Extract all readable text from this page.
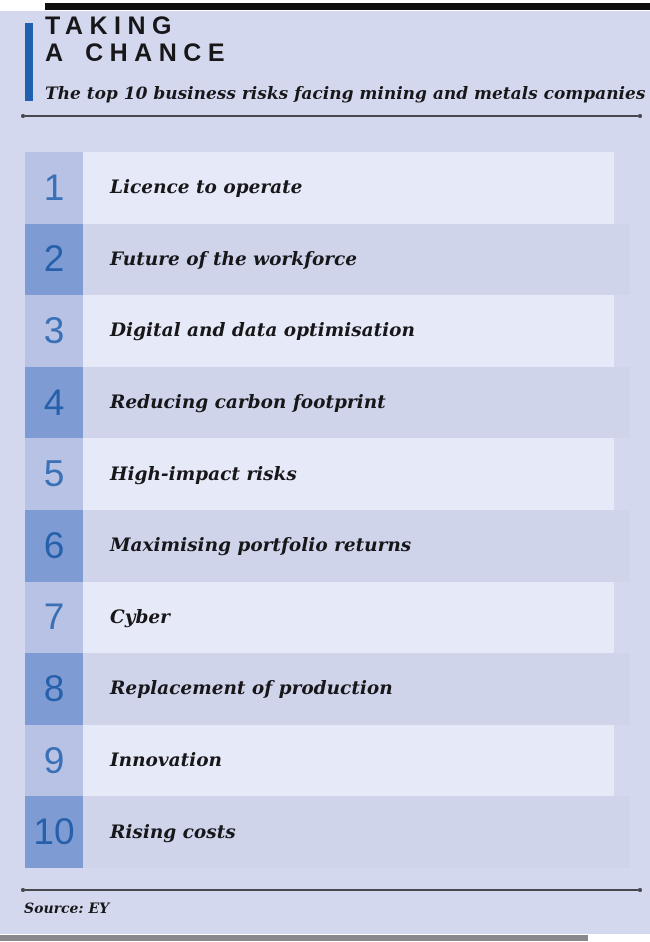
TAKING
A CHANCE
The top 10 business risks facing mining and metals companies
1	Licence to operate
2	Future of the workforce
3	Digital and data optimisation
4	Reducing carbon footprint
5	High-impact risks
6	Maximising portfolio returns
7	Cyber
8	Replacement of production
9	Innovation
10	Rising costs
Source: EY
